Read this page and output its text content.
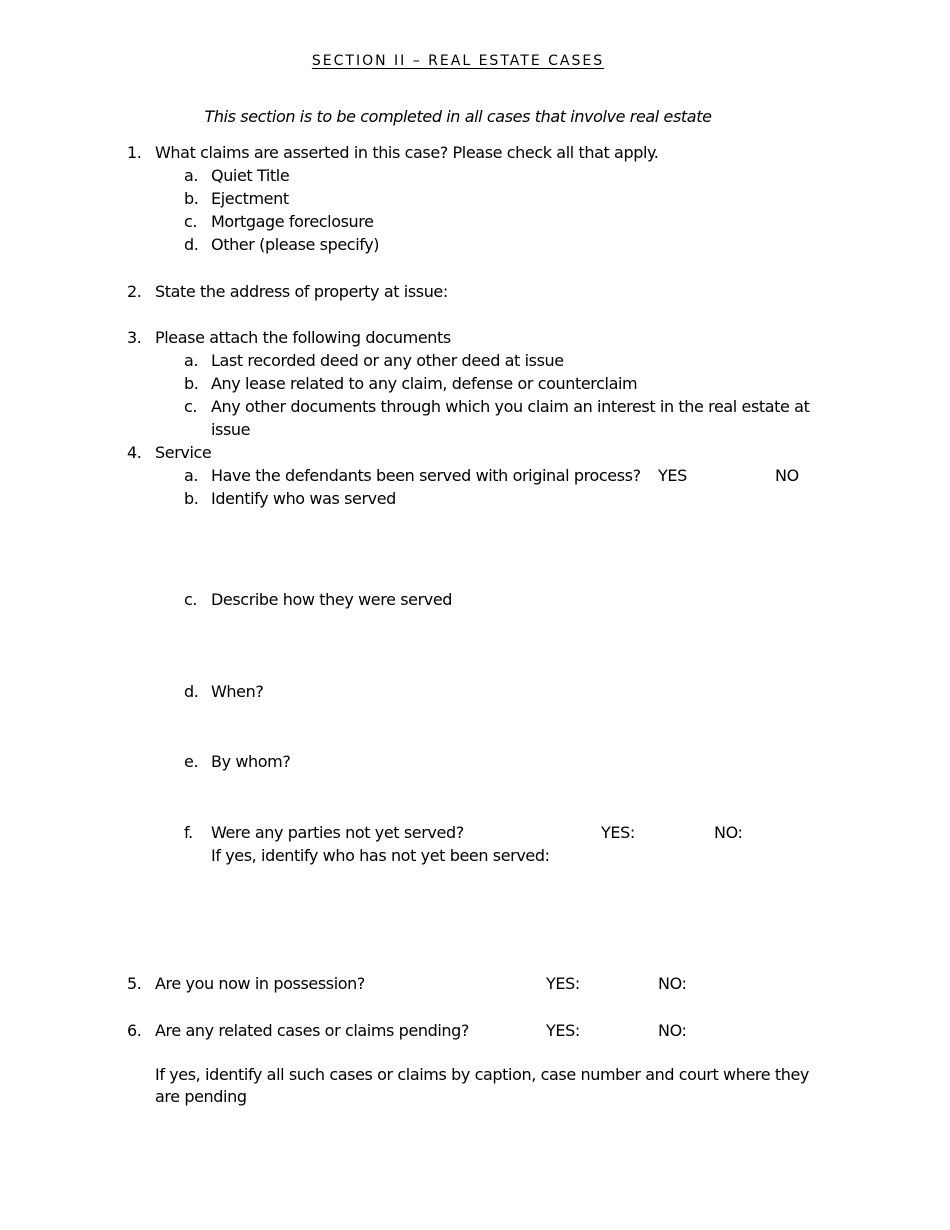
SECTION II – REAL ESTATE CASES
This section is to be completed in all cases that involve real estate
1. What claims are asserted in this case? Please check all that apply.
a. Quiet Title
b. Ejectment
c. Mortgage foreclosure
d. Other (please specify)
2. State the address of property at issue:
3. Please attach the following documents
a. Last recorded deed or any other deed at issue
b. Any lease related to any claim, defense or counterclaim
c. Any other documents through which you claim an interest in the real estate at
issue
4. Service
a. Have the defendants been served with original process? YES	NO
b. Identify who was served
c. Describe how they were served
d. When?
e. By whom?
f. Were any parties not yet served?	YES:	NO:
If yes, identify who has not yet been served:
5. Are you now in possession?	YES:	NO:
6. Are any related cases or claims pending?	YES:	NO:
If yes, identify all such cases or claims by caption, case number and court where they
are pending
